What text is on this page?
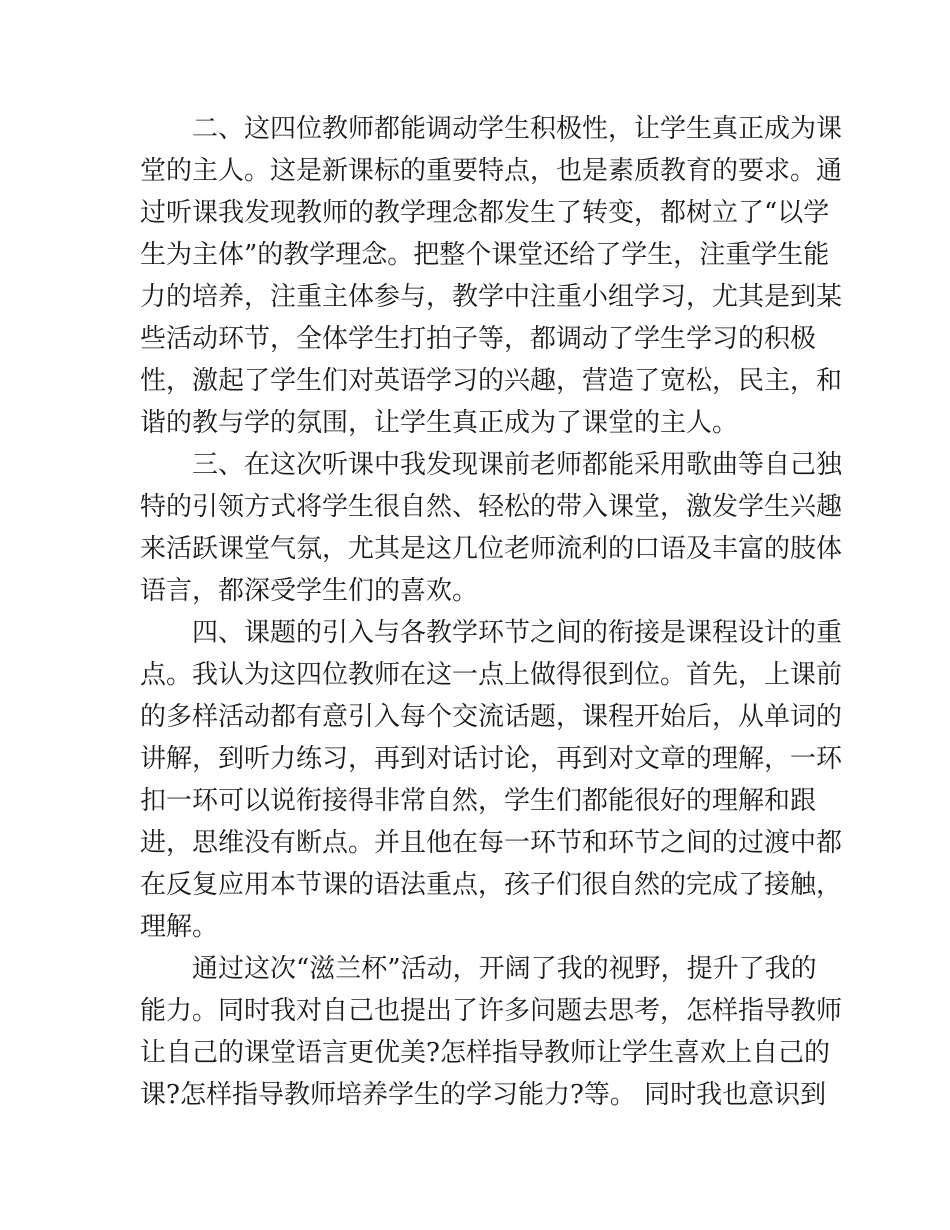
二、这四位教师都能调动学生积极性，让学生真正成为课
堂的主人。这是新课标的重要特点，也是素质教育的要求。通
过听课我发现教师的教学理念都发生了转变，都树立了“以学
生为主体”的教学理念。把整个课堂还给了学生，注重学生能
力的培养，注重主体参与，教学中注重小组学习，尤其是到某
些活动环节，全体学生打拍子等，都调动了学生学习的积极
性，激起了学生们对英语学习的兴趣，营造了宽松，民主，和
谐的教与学的氛围，让学生真正成为了课堂的主人。
三、在这次听课中我发现课前老师都能采用歌曲等自己独
特的引领方式将学生很自然、轻松的带入课堂，激发学生兴趣
来活跃课堂气氛，尤其是这几位老师流利的口语及丰富的肢体
语言，都深受学生们的喜欢。
四、课题的引入与各教学环节之间的衔接是课程设计的重
点。我认为这四位教师在这一点上做得很到位。首先，上课前
的多样活动都有意引入每个交流话题，课程开始后，从单词的
讲解，到听力练习，再到对话讨论，再到对文章的理解，一环
扣一环可以说衔接得非常自然，学生们都能很好的理解和跟
进，思维没有断点。并且他在每一环节和环节之间的过渡中都
在反复应用本节课的语法重点，孩子们很自然的完成了接触，
理解。
通过这次“滋兰杯”活动，开阔了我的视野，提升了我的
能力。同时我对自己也提出了许多问题去思考，怎样指导教师
让自己的课堂语言更优美?怎样指导教师让学生喜欢上自己的
课?怎样指导教师培养学生的学习能力?等。 同时我也意识到
